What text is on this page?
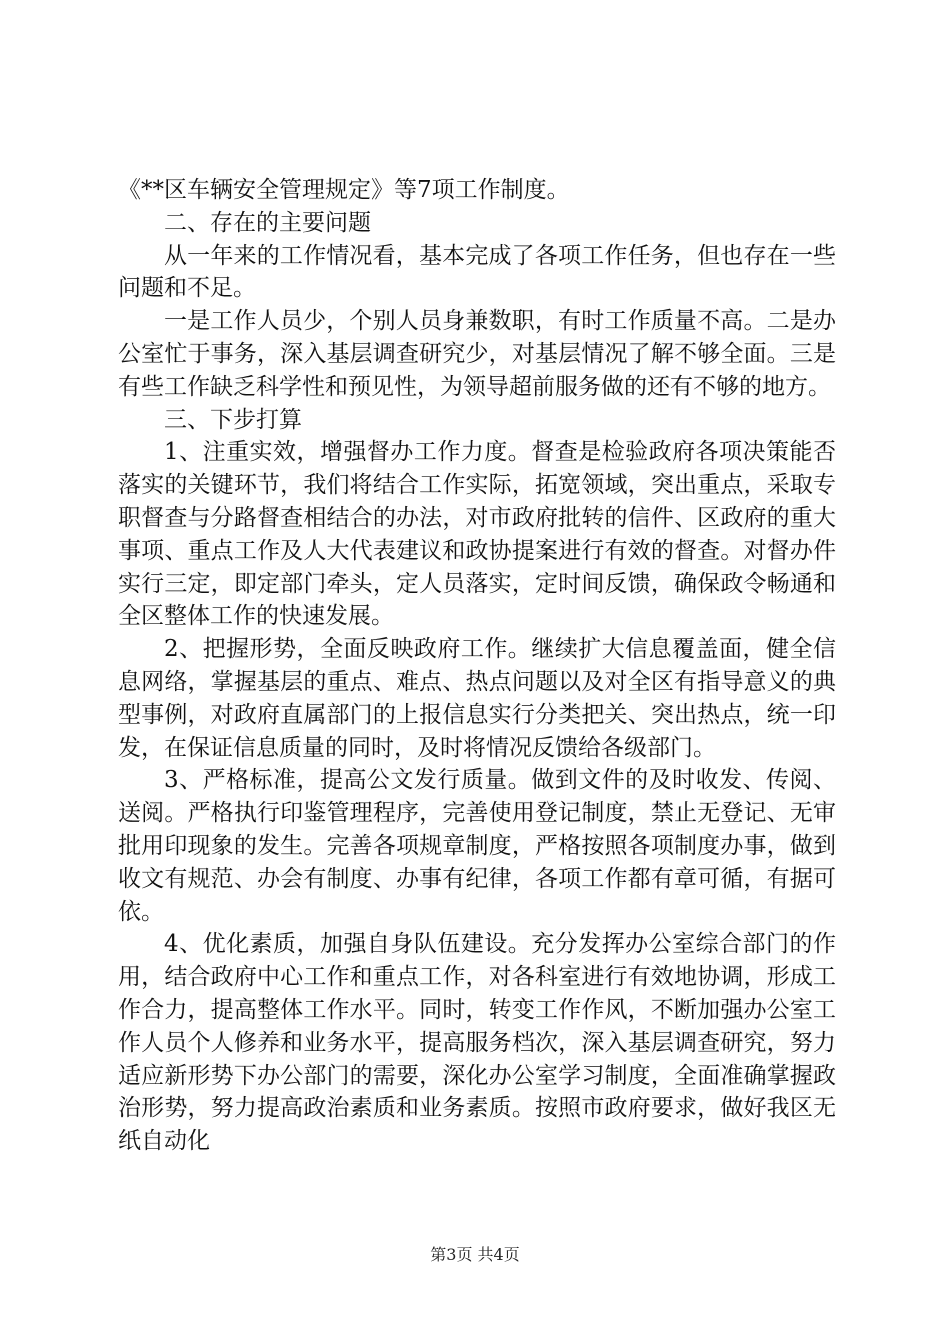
《**区车辆安全管理规定》等7项工作制度。

二、存在的主要问题

从一年来的工作情况看，基本完成了各项工作任务，但也存在一些问题和不足。

一是工作人员少，个别人员身兼数职，有时工作质量不高。二是办公室忙于事务，深入基层调查研究少，对基层情况了解不够全面。三是有些工作缺乏科学性和预见性，为领导超前服务做的还有不够的地方。

三、下步打算

1、注重实效，增强督办工作力度。督查是检验政府各项决策能否落实的关键环节，我们将结合工作实际，拓宽领域，突出重点，采取专职督查与分路督查相结合的办法，对市政府批转的信件、区政府的重大事项、重点工作及人大代表建议和政协提案进行有效的督查。对督办件实行三定，即定部门牵头，定人员落实，定时间反馈，确保政令畅通和全区整体工作的快速发展。

2、把握形势，全面反映政府工作。继续扩大信息覆盖面，健全信息网络，掌握基层的重点、难点、热点问题以及对全区有指导意义的典型事例，对政府直属部门的上报信息实行分类把关、突出热点，统一印发，在保证信息质量的同时，及时将情况反馈给各级部门。

3、严格标准，提高公文发行质量。做到文件的及时收发、传阅、送阅。严格执行印鉴管理程序，完善使用登记制度，禁止无登记、无审批用印现象的发生。完善各项规章制度，严格按照各项制度办事，做到收文有规范、办会有制度、办事有纪律，各项工作都有章可循，有据可依。

4、优化素质，加强自身队伍建设。充分发挥办公室综合部门的作用，结合政府中心工作和重点工作，对各科室进行有效地协调，形成工作合力，提高整体工作水平。同时，转变工作作风，不断加强办公室工作人员个人修养和业务水平，提高服务档次，深入基层调查研究，努力适应新形势下办公部门的需要，深化办公室学习制度，全面准确掌握政治形势，努力提高政治素质和业务素质。按照市政府要求，做好我区无纸自动化

第3页 共4页
